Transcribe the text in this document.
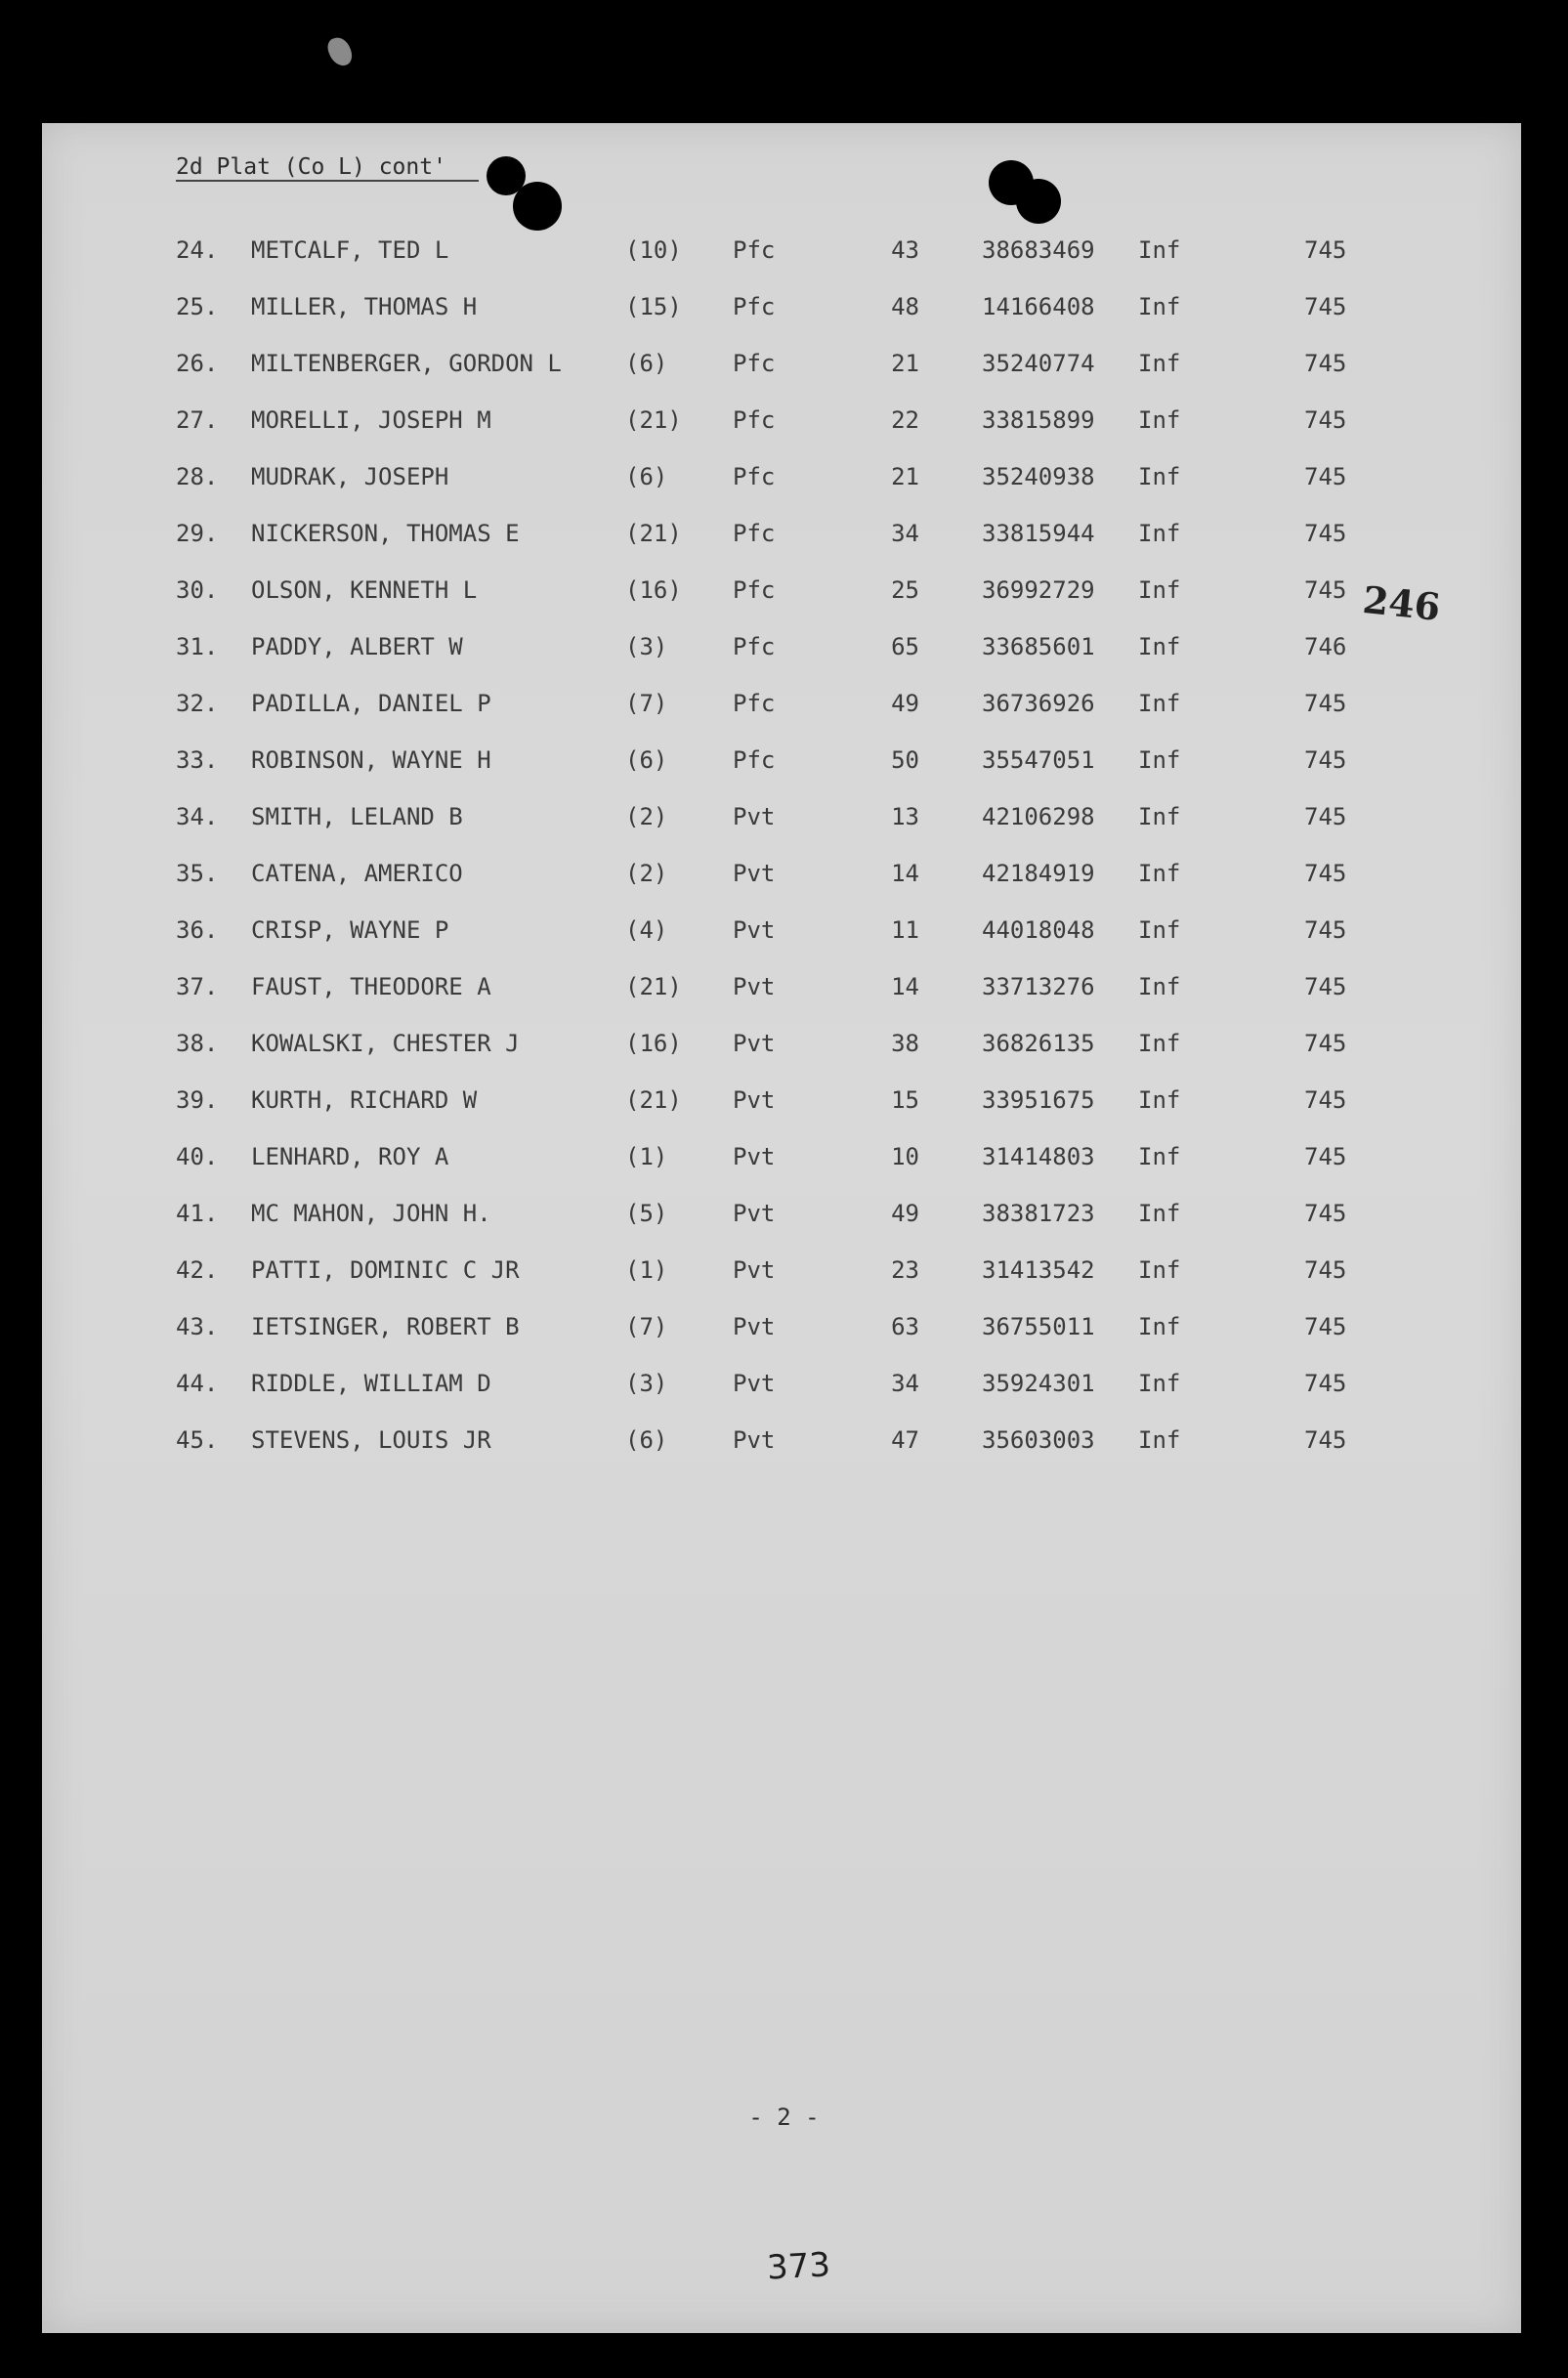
2d Plat (Co L) cont'
24. METCALF, TED L	(10) Pfc	43	38683469 Inf	745
25. MILLER, THOMAS H	(15) Pfc	48	14166408 Inf	745
26. MILTENBERGER, GORDON L	(6)	Pfc	21	35240774 Inf	745
27. MORELLI, JOSEPH M	(21) Pfc	22	33815899 Inf	745
28. MUDRAK, JOSEPH	(6)	Pfc	21	35240938 Inf	745
29. NICKERSON, THOMAS E	(21) Pfc	34	33815944 Inf	745
30. OLSON, KENNETH L	(16) Pfc	25	36992729 Inf	745
31. PADDY, ALBERT W	(3)	Pfc	65	33685601 Inf	746
32. PADILLA, DANIEL P	(7)	Pfc	49	36736926 Inf	745
33. ROBINSON, WAYNE H	(6)	Pfc	50	35547051 Inf	745
34. SMITH, LELAND B	(2)	Pvt	13	42106298 Inf	745
35. CATENA, AMERICO	(2)	Pvt	14	42184919 Inf	745
36. CRISP, WAYNE P	(4)	Pvt	11	44018048 Inf	745
37. FAUST, THEODORE A	(21) Pvt	14	33713276 Inf	745
38. KOWALSKI, CHESTER J	(16) Pvt	38	36826135 Inf	745
39. KURTH, RICHARD W	(21) Pvt	15	33951675 Inf	745
40. LENHARD, ROY A	(1)	Pvt	10	31414803 Inf	745
41. MC MAHON, JOHN H.	(5)	Pvt	49	38381723 Inf	745
42. PATTI, DOMINIC C JR	(1)	Pvt	23	31413542 Inf	745
43. IETSINGER, ROBERT B	(7)	Pvt	63	36755011 Inf	745
44. RIDDLE, WILLIAM D	(3)	Pvt	34	35924301 Inf	745
45. STEVENS, LOUIS JR	(6)	Pvt	47	35603003 Inf	745
246
- 2 -
373
